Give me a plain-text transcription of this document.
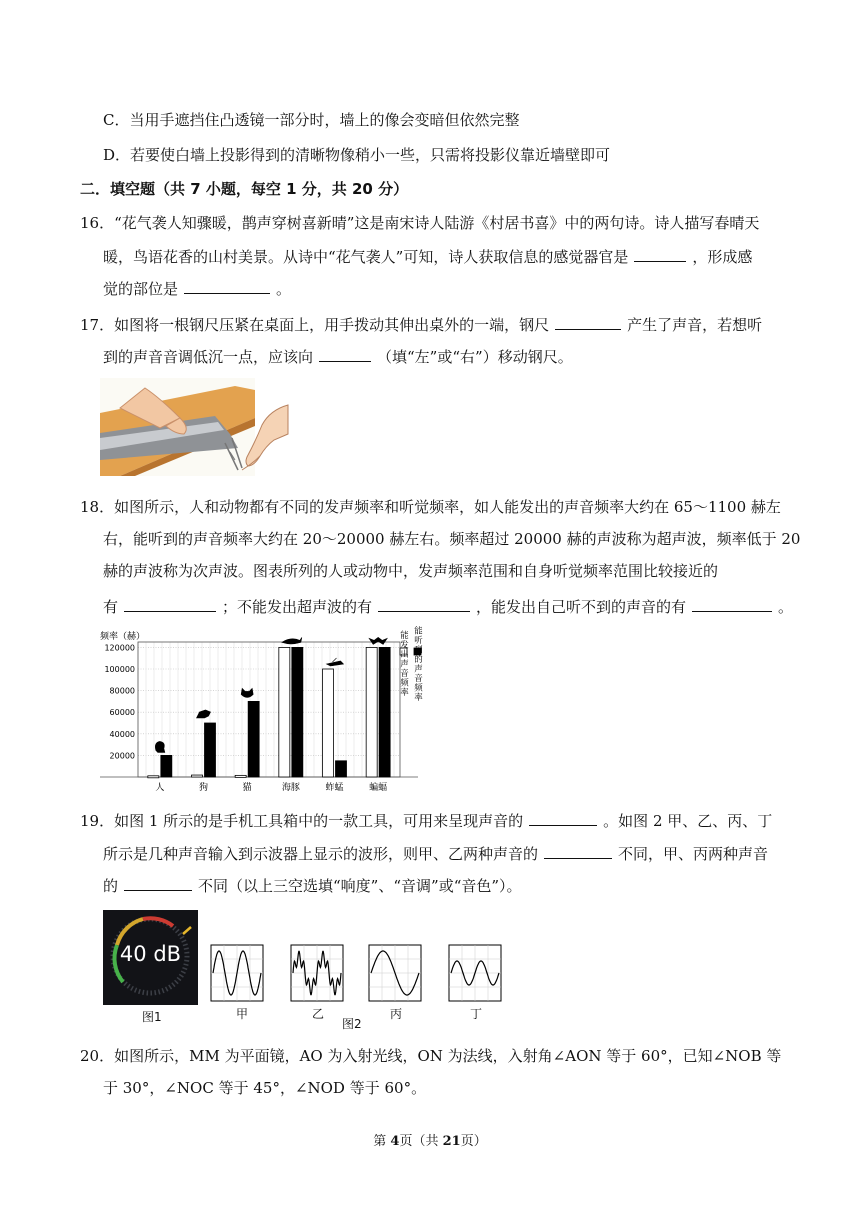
C．当用手遮挡住凸透镜一部分时，墙上的像会变暗但依然完整
D．若要使白墙上投影得到的清晰物像稍小一些，只需将投影仪靠近墙壁即可
二．填空题（共 7 小题，每空 1 分，共 20 分）
16．“花气袭人知骤暖，鹊声穿树喜新晴”这是南宋诗人陆游《村居书喜》中的两句诗。诗人描写春晴天
暖，鸟语花香的山村美景。从诗中“花气袭人”可知，诗人获取信息的感觉器官是	，形成感
觉的部位是	。
17．如图将一根钢尺压紧在桌面上，用手拨动其伸出桌外的一端，钢尺	产生了声音，若想听
到的声音音调低沉一点，应该向	（填“左”或“右”）移动钢尺。
18．如图所示，人和动物都有不同的发声频率和听觉频率，如人能发出的声音频率大约在 65～1100 赫左
右，能听到的声音频率大约在 20～20000 赫左右。频率超过 20000 赫的声波称为超声波，频率低于 20
赫的声波称为次声波。图表所列的人或动物中，发声频率范围和自身听觉频率范围比较接近的
有	；不能发出超声波的有	，能发出自己听不到的声音的有	。
频率（赫）
20000
40000
60000
80000
100000
120000
人	狗	猫	海豚	蚱蜢	蝙蝠
能发出声音频率 能听到的声音频率
19．如图 1 所示的是手机工具箱中的一款工具，可用来呈现声音的	。如图 2 甲、乙、丙、丁
所示是几种声音输入到示波器上显示的波形，则甲、乙两种声音的	不同，甲、丙两种声音
的	不同（以上三空选填“响度”、“音调”或“音色”）。
40 dB
图1	甲	乙	丙	丁
图2
20．如图所示，MM 为平面镜，AO 为入射光线，ON 为法线，入射角∠AON 等于 60°，已知∠NOB 等
于 30°，∠NOC 等于 45°，∠NOD 等于 60°。
第 4页（共 21页）
